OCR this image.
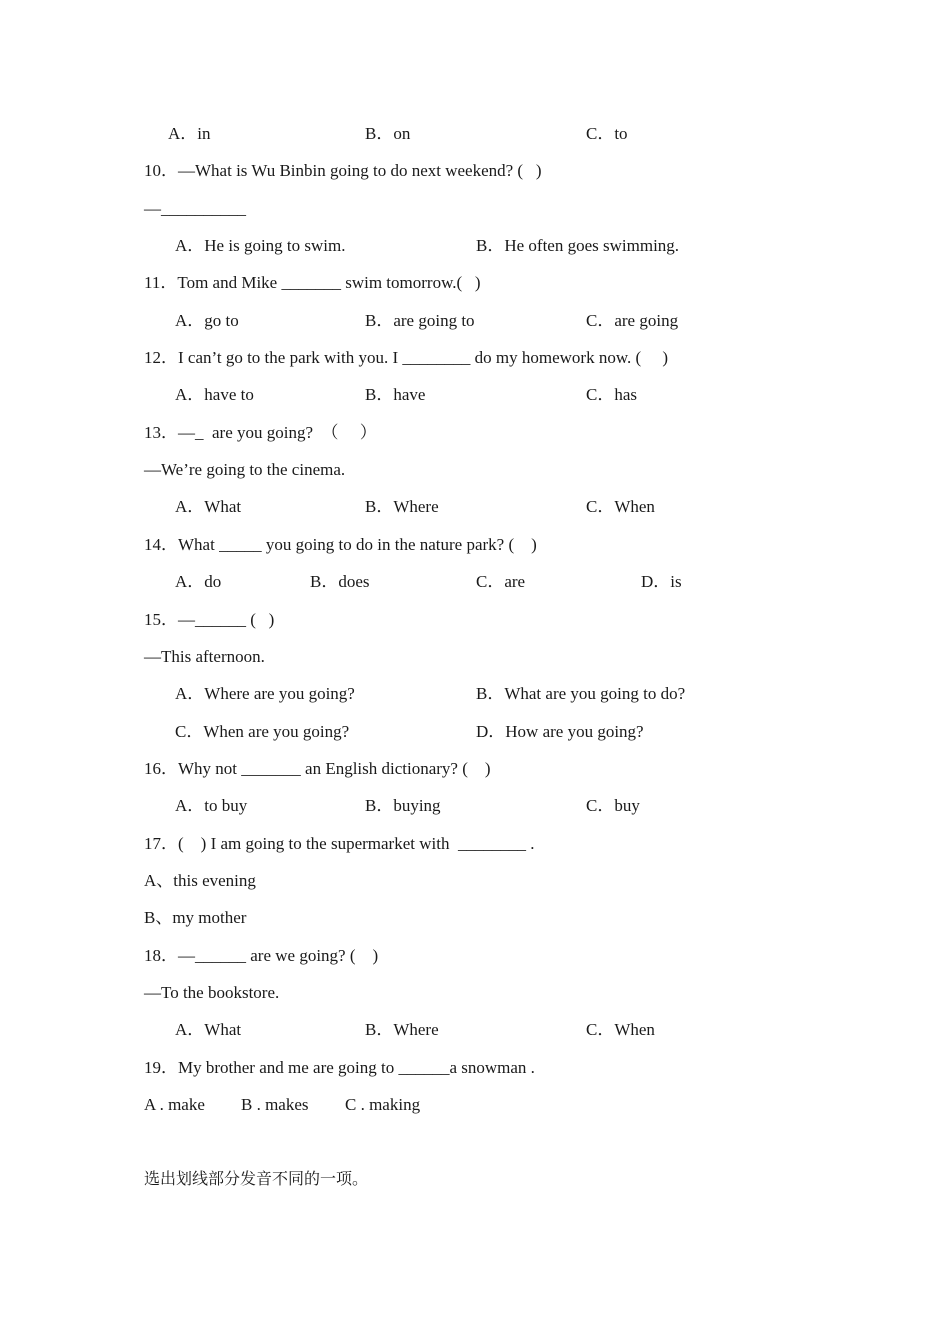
A．in	B．on	C．to
10．—What is Wu Binbin going to do next weekend? (   )
—__________
A．He is going to swim.	B．He often goes swimming.
11．Tom and Mike _______ swim tomorrow.(   )
A．go to	B．are going to	C．are going
12．I can’t go to the park with you. I ________ do my homework now. (     )
A．have to	B．have	C．has
13．—_  are you going?  （     ）
—We’re going to the cinema.
A．What	B．Where	C．When
14．What _____ you going to do in the nature park? (    )
A．do	B．does	C．are	D．is
15．—______ (   )
—This afternoon.
A．Where are you going?	B．What are you going to do?
C．When are you going?	D．How are you going?
16．Why not _______ an English dictionary? (    )
A．to buy	B．buying	C．buy
17．(    ) I am going to the supermarket with  ________ .
A、this evening
B、my mother
18．—______ are we going? (    )
—To the bookstore.
A．What	B．Where	C．When
19．My brother and me are going to ______a snowman .
A . make B . makes C . making
选出划线部分发音不同的一项。
